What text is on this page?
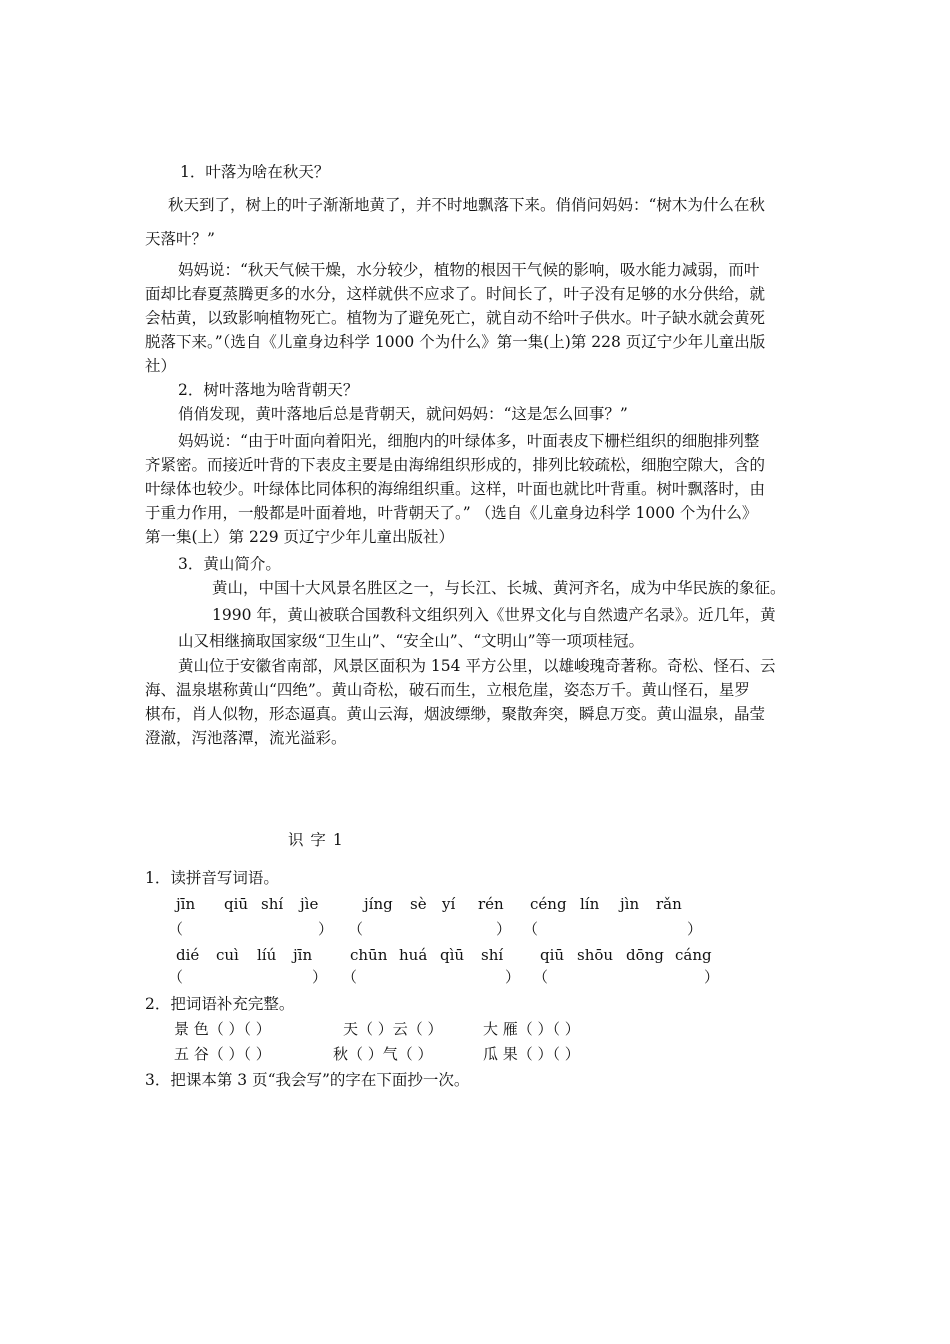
1．叶落为啥在秋天？
秋天到了，树上的叶子渐渐地黄了，并不时地飘落下来。俏俏问妈妈：“树木为什么在秋
天落叶？”
妈妈说：“秋天气候干燥，水分较少，植物的根因干气候的影响，吸水能力减弱，而叶
面却比春夏蒸腾更多的水分，这样就供不应求了。时间长了，叶子没有足够的水分供给，就
会枯黄，以致影响植物死亡。植物为了避免死亡，就自动不给叶子供水。叶子缺水就会黄死
脱落下来。”（选自《儿童身边科学 1000 个为什么》第一集(上)第 228 页辽宁少年儿童出版
社）
2．树叶落地为啥背朝天？
俏俏发现，黄叶落地后总是背朝天，就问妈妈：“这是怎么回事？”
妈妈说：“由于叶面向着阳光，细胞内的叶绿体多，叶面表皮下栅栏组织的细胞排列整
齐紧密。而接近叶背的下表皮主要是由海绵组织形成的，排列比较疏松，细胞空隙大，含的
叶绿体也较少。叶绿体比同体积的海绵组织重。这样，叶面也就比叶背重。树叶飘落时，由
于重力作用，一般都是叶面着地，叶背朝天了。” （选自《儿童身边科学 1000 个为什么》
第一集(上）第 229 页辽宁少年儿童出版社）
3．黄山简介。
黄山，中国十大风景名胜区之一，与长江、长城、黄河齐名，成为中华民族的象征。
1990 年，黄山被联合国教科文组织列入《世界文化与自然遗产名录》。近几年，黄
山又相继摘取国家级“卫生山”、“安全山”、“文明山”等一项项桂冠。
黄山位于安徽省南部，风景区面积为 154 平方公里，以雄峻瑰奇著称。奇松、怪石、云
海、温泉堪称黄山“四绝”。黄山奇松，破石而生，立根危崖，姿态万千。黄山怪石，星罗
棋布，肖人似物，形态逼真。黄山云海，烟波缥缈，聚散奔突，瞬息万变。黄山温泉，晶莹
澄澈，泻池落潭，流光溢彩。
识 字 1
1．读拼音写词语。
jīn qiū shí jìe	jíng sè yí rén céng lín jìn rǎn
（	） （	） （	）
dié cuì líú jīn	chūn huá qìū shí qiū shōu dōng cáng
（	） （	） （	）
2．把词语补充完整。
景 色（ ）（ ）	天（ ）云（ ）	大 雁（ ）（ ）
五 谷（ ）（ ）	秋（ ）气（ ）	瓜 果（ ）（ ）
3．把课本第 3 页“我会写”的字在下面抄一次。
